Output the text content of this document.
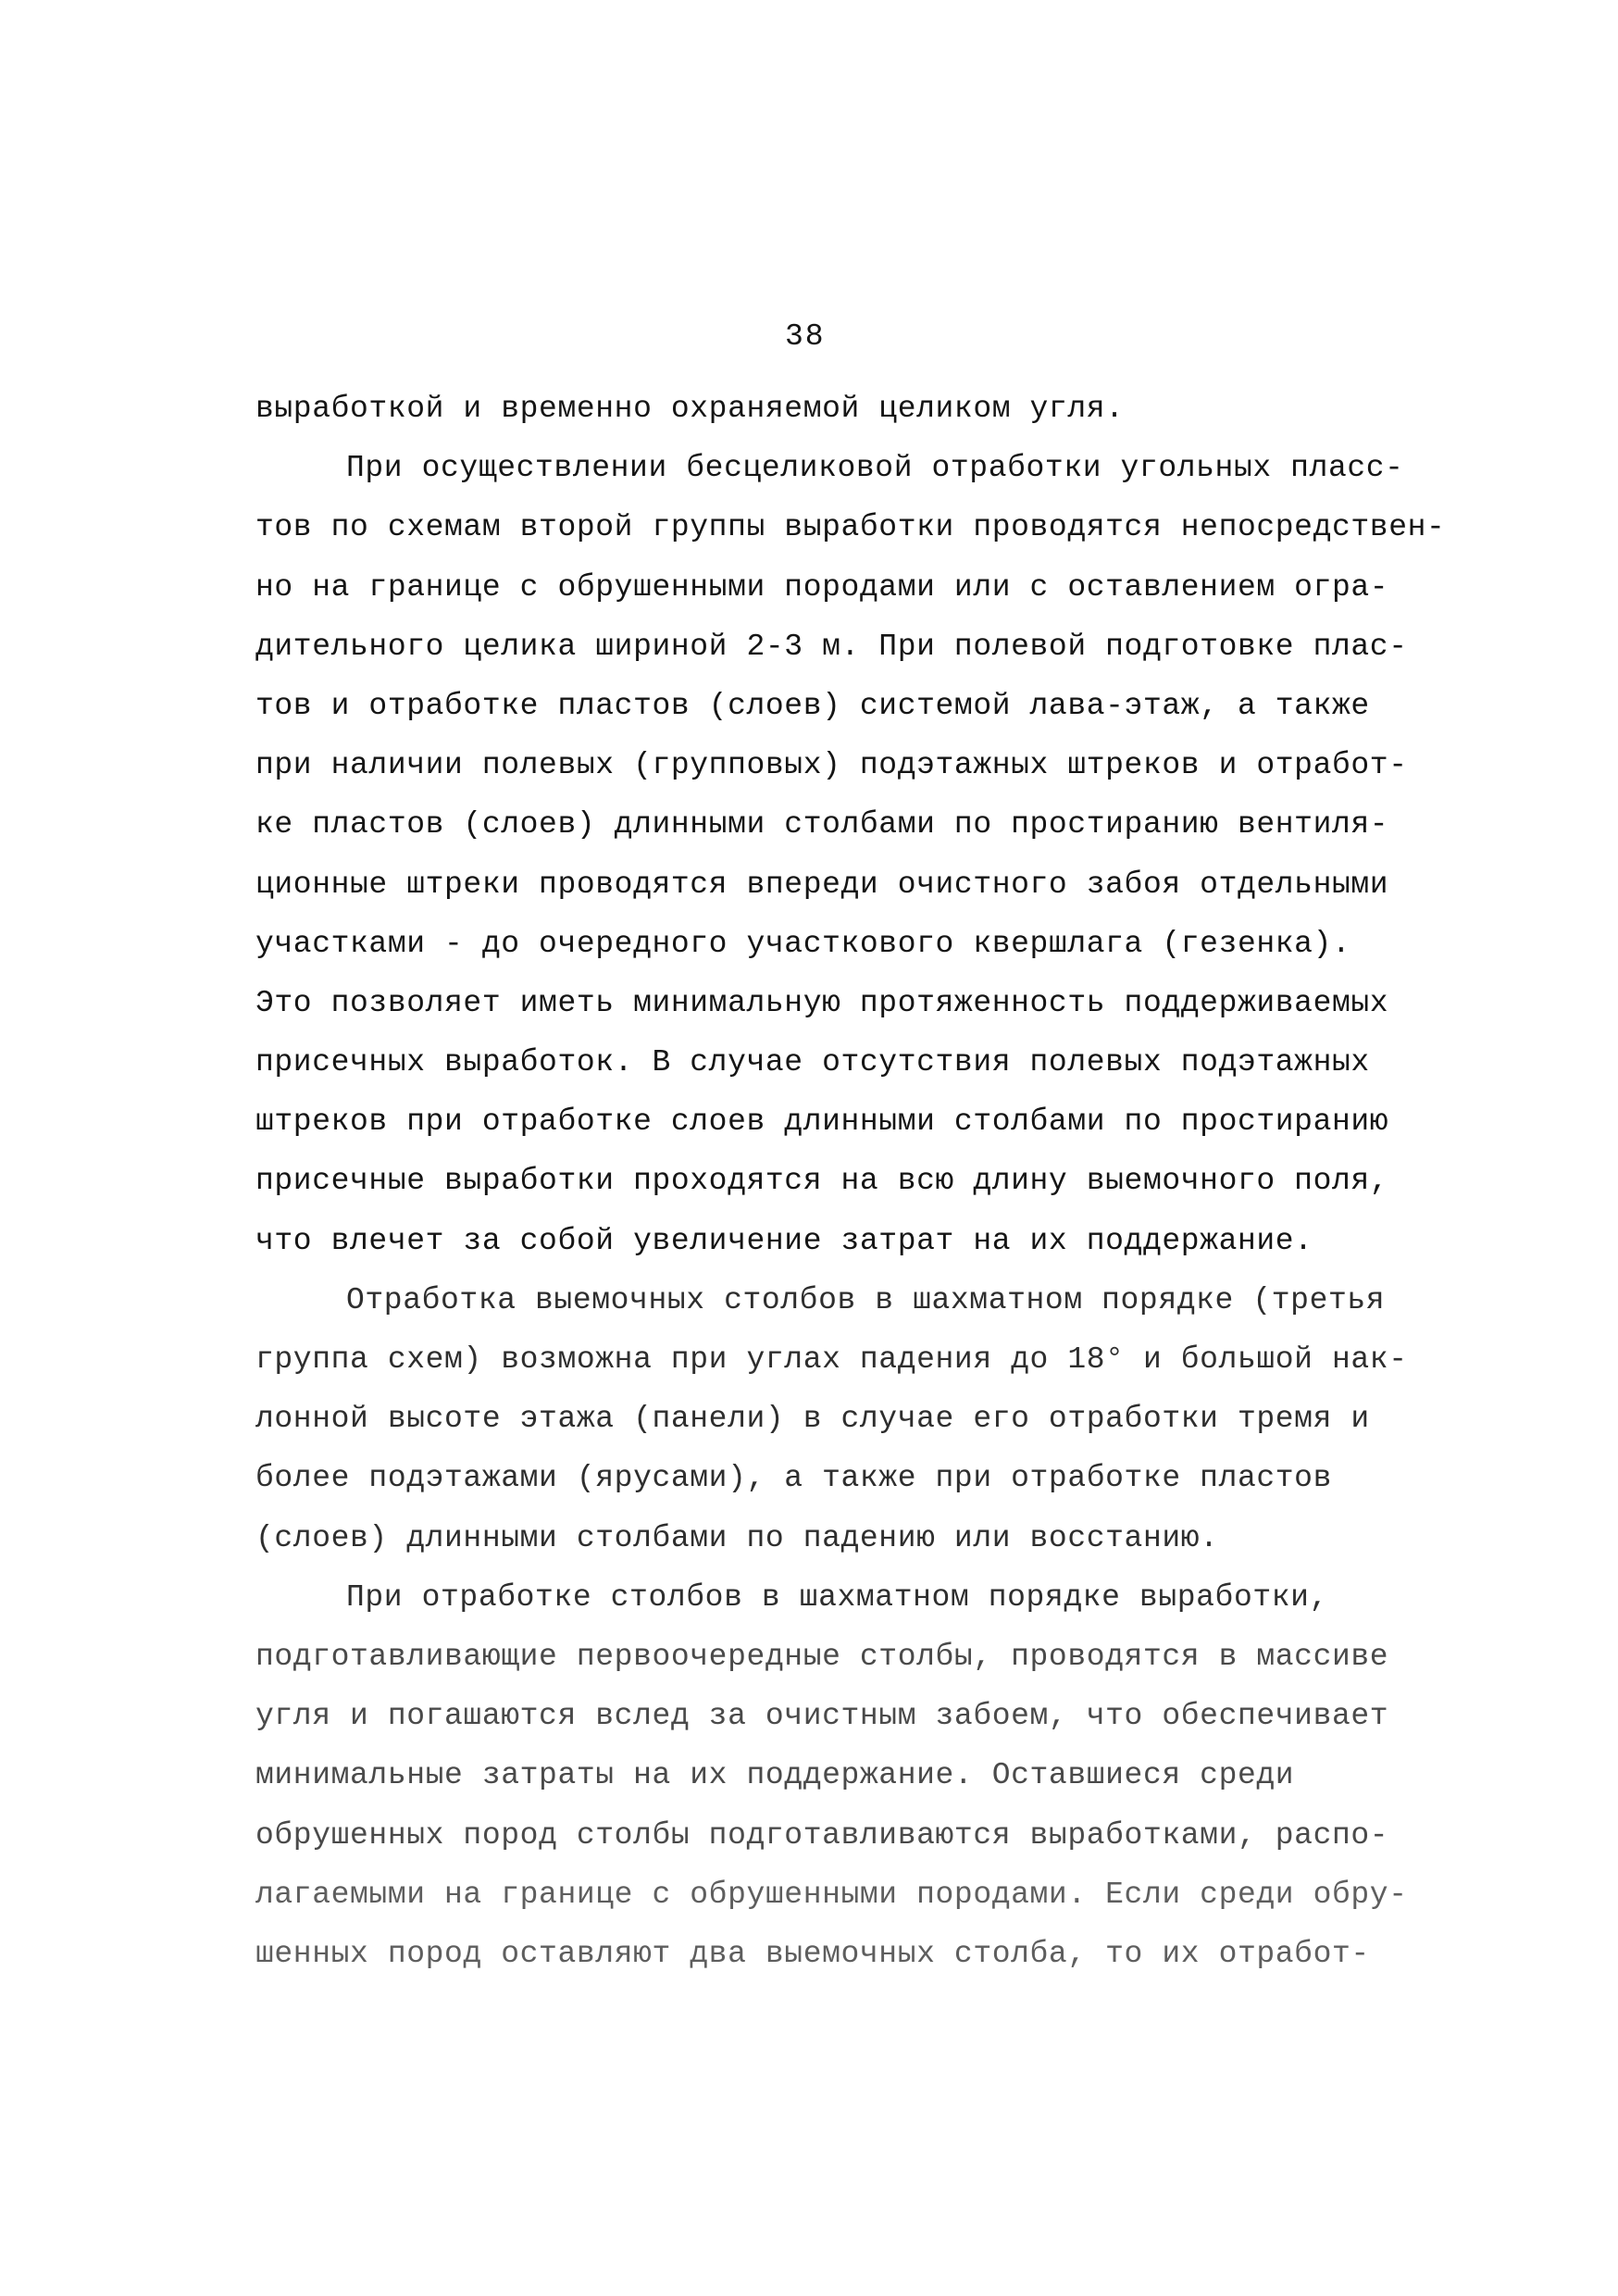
38
выработкой и временно охраняемой целиком угля.
При осуществлении бесцеликовой отработки угольных пласс-
тов по схемам второй группы выработки проводятся непосредствен-
но на границе с обрушенными породами или с оставлением огра-
дительного целика шириной 2-3 м. При полевой подготовке плас-
тов и отработке пластов (слоев) системой лава-этаж, а также
при наличии полевых (групповых) подэтажных штреков и отработ-
ке пластов (слоев) длинными столбами по простиранию вентиля-
ционные штреки проводятся впереди очистного забоя отдельными
участками - до очередного участкового квершлага (гезенка).
Это позволяет иметь минимальную протяженность поддерживаемых
присечных выработок. В случае отсутствия полевых подэтажных
штреков при отработке слоев длинными столбами по простиранию
присечные выработки проходятся на всю длину выемочного поля,
что влечет за собой увеличение затрат на их поддержание.
Отработка выемочных столбов в шахматном порядке (третья
группа схем) возможна при углах падения до 18° и большой нак-
лонной высоте этажа (панели) в случае его отработки тремя и
более подэтажами (ярусами), а также при отработке пластов
(слоев) длинными столбами по падению или восстанию.
При отработке столбов в шахматном порядке выработки,
подготавливающие первоочередные столбы, проводятся в массиве
угля и погашаются вслед за очистным забоем, что обеспечивает
минимальные затраты на их поддержание. Оставшиеся среди
обрушенных пород столбы подготавливаются выработками, распо-
лагаемыми на границе с обрушенными породами. Если среди обру-
шенных пород оставляют два выемочных столба, то их отработ-
